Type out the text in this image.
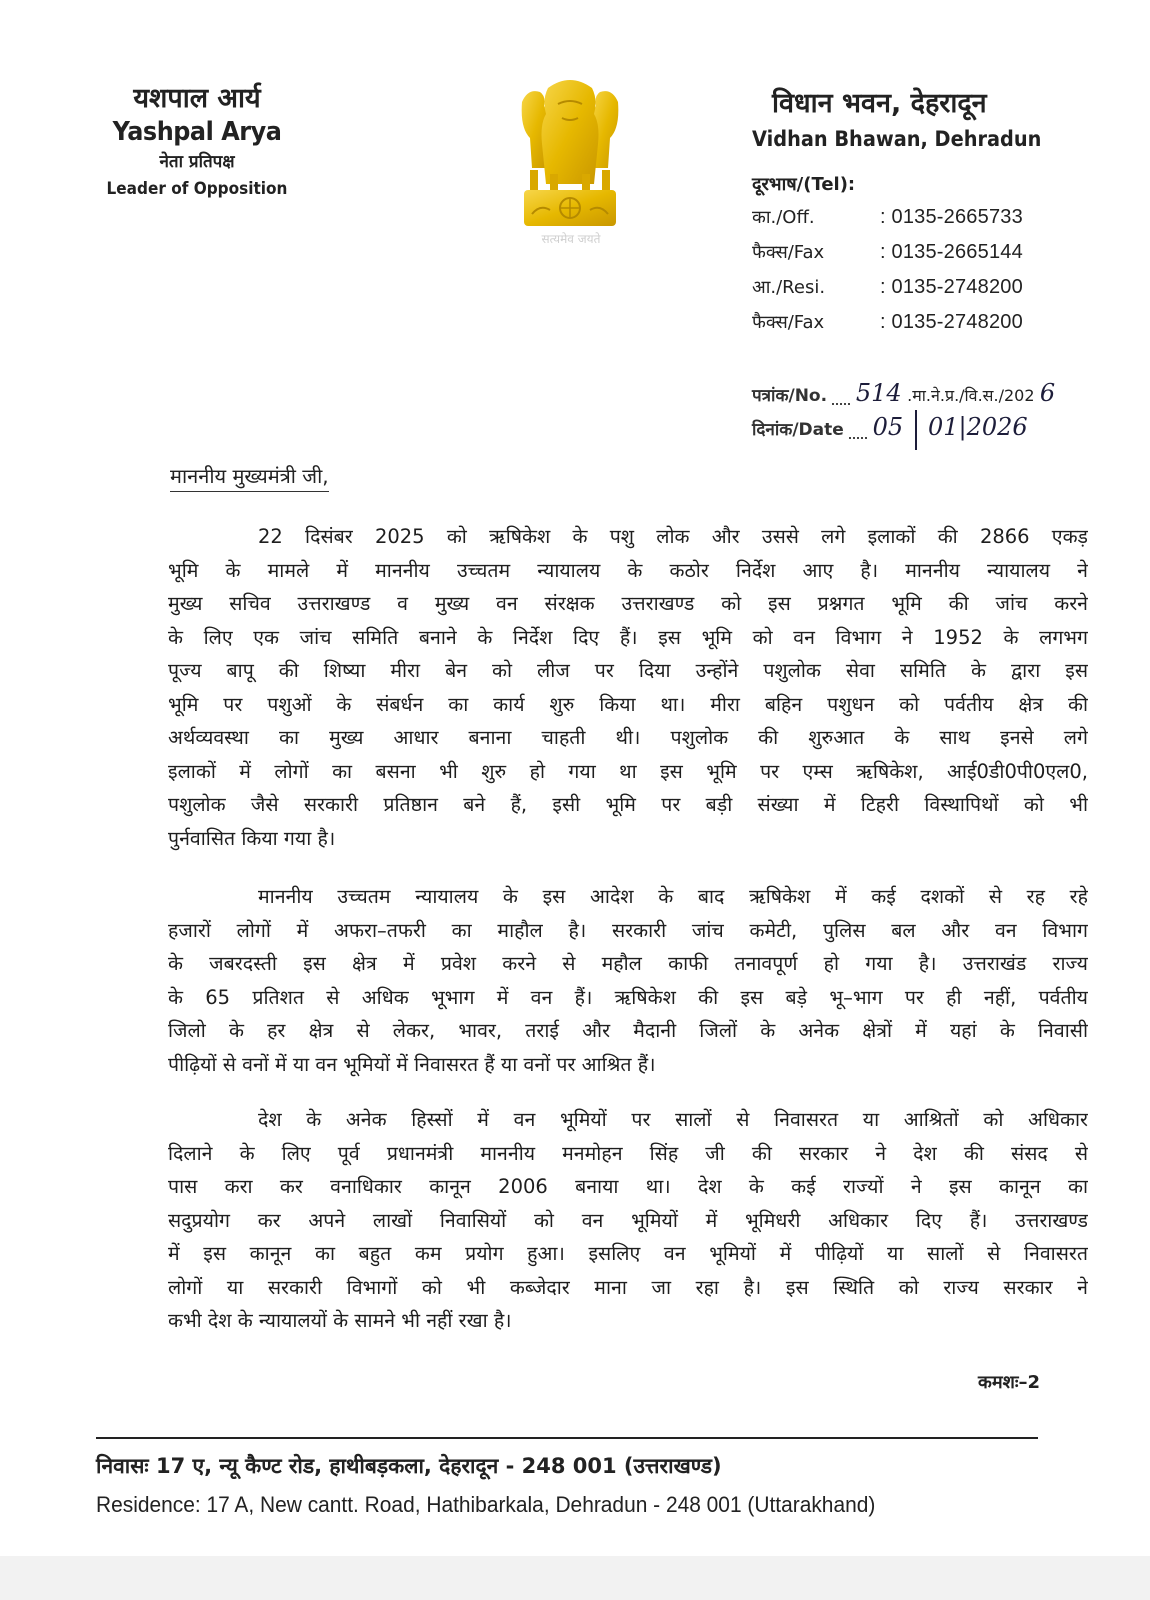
यशपाल आर्य
Yashpal Arya
नेता प्रतिपक्ष
Leader of Opposition
सत्यमेव जयते
विधान भवन, देहरादून
Vidhan Bhawan, Dehradun
दूरभाष/(Tel):
का./Off.	: 0135-2665733
फैक्स/Fax	: 0135-2665144
आ./Resi.	: 0135-2748200
फैक्स/Fax	: 0135-2748200
पत्रांक/No. 514 .मा.ने.प्र./वि.स./202 6
दिनांक/Date 05 01|2026
माननीय मुख्यमंत्री जी,
22 दिसंबर 2025 को ऋषिकेश के पशु लोक और उससे लगे इलाकों की 2866 एकड़
भूमि के मामले में माननीय उच्चतम न्यायालय के कठोर निर्देश आए है। माननीय न्यायालय ने
मुख्य सचिव उत्तराखण्ड व मुख्य वन संरक्षक उत्तराखण्ड को इस प्रश्नगत भूमि की जांच करने
के लिए एक जांच समिति बनाने के निर्देश दिए हैं। इस भूमि को वन विभाग ने 1952 के लगभग
पूज्य बापू की शिष्या मीरा बेन को लीज पर दिया उन्होंने पशुलोक सेवा समिति के द्वारा इस
भूमि पर पशुओं के संबर्धन का कार्य शुरु किया था। मीरा बहिन पशुधन को पर्वतीय क्षेत्र की
अर्थव्यवस्था का मुख्य आधार बनाना चाहती थी। पशुलोक की शुरुआत के साथ इनसे लगे
इलाकों में लोगों का बसना भी शुरु हो गया था इस भूमि पर एम्स ऋषिकेश, आई0डी0पी0एल0,
पशुलोक जैसे सरकारी प्रतिष्ठान बने हैं, इसी भूमि पर बड़ी संख्या में टिहरी विस्थापिथों को भी
पुर्नवासित किया गया है।
माननीय उच्चतम न्यायालय के इस आदेश के बाद ऋषिकेश में कई दशकों से रह रहे
हजारों लोगों में अफरा–तफरी का माहौल है। सरकारी जांच कमेटी, पुलिस बल और वन विभाग
के जबरदस्ती इस क्षेत्र में प्रवेश करने से महौल काफी तनावपूर्ण हो गया है। उत्तराखंड राज्य
के 65 प्रतिशत से अधिक भूभाग में वन हैं। ऋषिकेश की इस बड़े भू–भाग पर ही नहीं, पर्वतीय
जिलो के हर क्षेत्र से लेकर, भावर, तराई और मैदानी जिलों के अनेक क्षेत्रों में यहां के निवासी
पीढ़ियों से वनों में या वन भूमियों में निवासरत हैं या वनों पर आश्रित हैं।
देश के अनेक हिस्सों में वन भूमियों पर सालों से निवासरत या आश्रितों को अधिकार
दिलाने के लिए पूर्व प्रधानमंत्री माननीय मनमोहन सिंह जी की सरकार ने देश की संसद से
पास करा कर वनाधिकार कानून 2006 बनाया था। देश के कई राज्यों ने इस कानून का
सदुप्रयोग कर अपने लाखों निवासियों को वन भूमियों में भूमिधरी अधिकार दिए हैं। उत्तराखण्ड
में इस कानून का बहुत कम प्रयोग हुआ। इसलिए वन भूमियों में पीढ़ियों या सालों से निवासरत
लोगों या सरकारी विभागों को भी कब्जेदार माना जा रहा है। इस स्थिति को राज्य सरकार ने
कभी देश के न्यायालयों के सामने भी नहीं रखा है।
कमशः–2
निवासः 17 ए, न्यू कैण्ट रोड, हाथीबड़कला, देहरादून - 248 001 (उत्तराखण्ड)
Residence: 17 A, New cantt. Road, Hathibarkala, Dehradun - 248 001 (Uttarakhand)
